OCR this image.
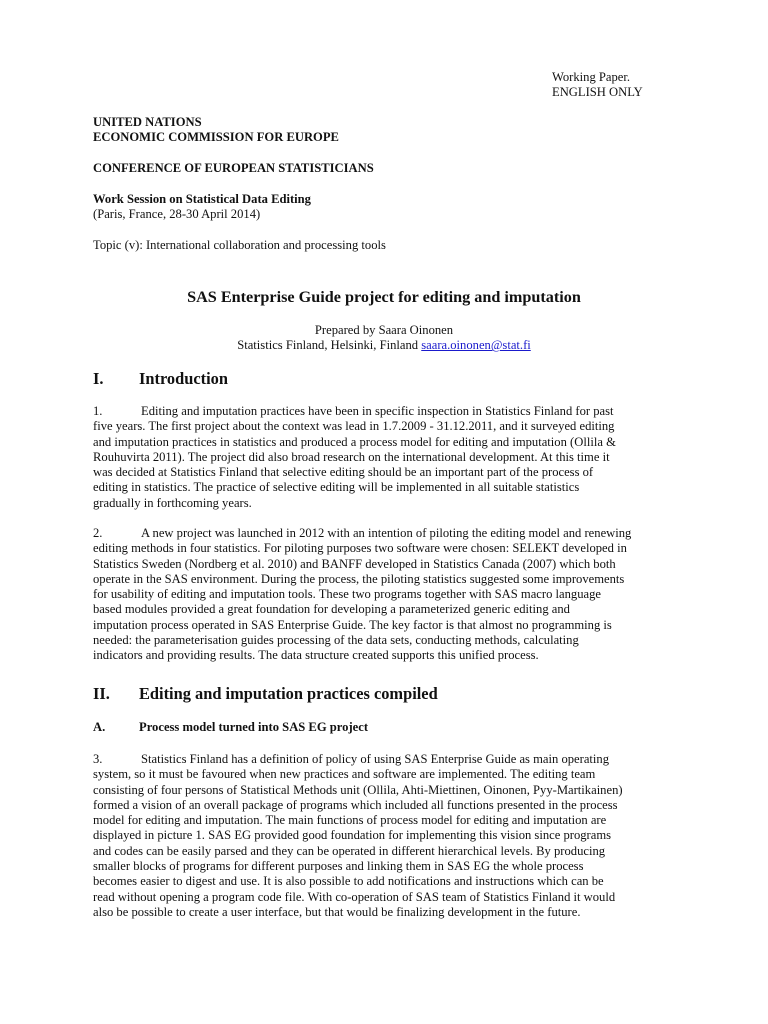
Working Paper.
ENGLISH ONLY
UNITED NATIONS
ECONOMIC COMMISSION FOR EUROPE
CONFERENCE OF EUROPEAN STATISTICIANS
Work Session on Statistical Data Editing
(Paris, France, 28-30 April 2014)
Topic (v): International collaboration and processing tools
SAS Enterprise Guide project for editing and imputation
Prepared by Saara Oinonen
Statistics Finland, Helsinki, Finland saara.oinonen@stat.fi
I. Introduction
1.	Editing and imputation practices have been in specific inspection in Statistics Finland for past
five years. The first project about the context was lead in 1.7.2009 - 31.12.2011, and it surveyed editing
and imputation practices in statistics and produced a process model for editing and imputation (Ollila &
Rouhuvirta 2011). The project did also broad research on the international development. At this time it
was decided at Statistics Finland that selective editing should be an important part of the process of
editing in statistics. The practice of selective editing will be implemented in all suitable statistics
gradually in forthcoming years.
2.	A new project was launched in 2012 with an intention of piloting the editing model and renewing
editing methods in four statistics. For piloting purposes two software were chosen: SELEKT developed in
Statistics Sweden (Nordberg et al. 2010) and BANFF developed in Statistics Canada (2007) which both
operate in the SAS environment. During the process, the piloting statistics suggested some improvements
for usability of editing and imputation tools. These two programs together with SAS macro language
based modules provided a great foundation for developing a parameterized generic editing and
imputation process operated in SAS Enterprise Guide. The key factor is that almost no programming is
needed: the parameterisation guides processing of the data sets, conducting methods, calculating
indicators and providing results. The data structure created supports this unified process.
II. Editing and imputation practices compiled
A.	Process model turned into SAS EG project
3.	Statistics Finland has a definition of policy of using SAS Enterprise Guide as main operating
system, so it must be favoured when new practices and software are implemented. The editing team
consisting of four persons of Statistical Methods unit (Ollila, Ahti-Miettinen, Oinonen, Pyy-Martikainen)
formed a vision of an overall package of programs which included all functions presented in the process
model for editing and imputation. The main functions of process model for editing and imputation are
displayed in picture 1. SAS EG provided good foundation for implementing this vision since programs
and codes can be easily parsed and they can be operated in different hierarchical levels. By producing
smaller blocks of programs for different purposes and linking them in SAS EG the whole process
becomes easier to digest and use. It is also possible to add notifications and instructions which can be
read without opening a program code file. With co-operation of SAS team of Statistics Finland it would
also be possible to create a user interface, but that would be finalizing development in the future.
